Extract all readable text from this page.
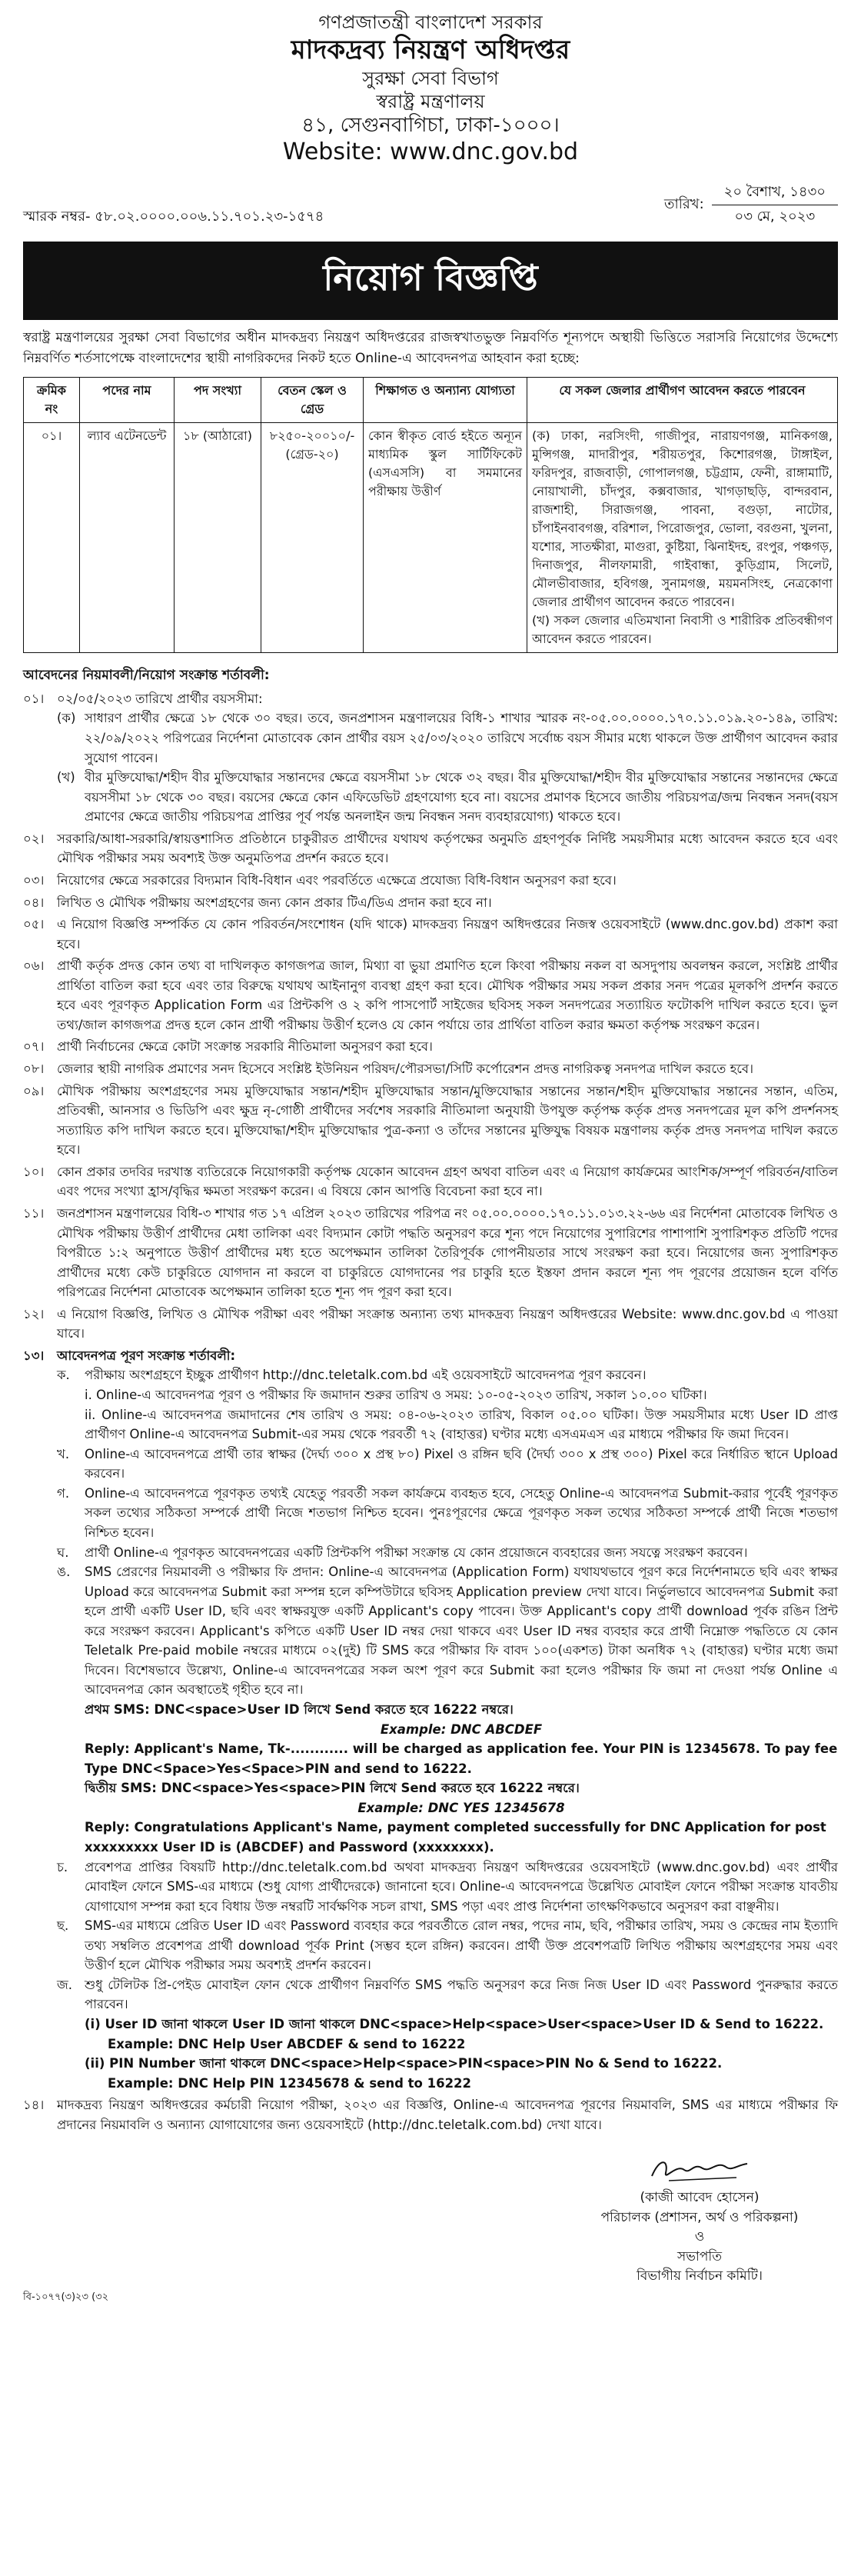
গণপ্রজাতন্ত্রী বাংলাদেশ সরকার
মাদকদ্রব্য নিয়ন্ত্রণ অধিদপ্তর
সুরক্ষা সেবা বিভাগ
স্বরাষ্ট্র মন্ত্রণালয়
৪১, সেগুনবাগিচা, ঢাকা-১০০০।
Website: www.dnc.gov.bd
স্মারক নম্বর- ৫৮.০২.০০০০.০০৬.১১.৭০১.২৩-১৫৭৪
তারিখ:
২০ বৈশাখ, ১৪৩০
০৩ মে, ২০২৩
নিয়োগ বিজ্ঞপ্তি
স্বরাষ্ট্র মন্ত্রণালয়ের সুরক্ষা সেবা বিভাগের অধীন মাদকদ্রব্য নিয়ন্ত্রণ অধিদপ্তরের রাজস্বখাতভুক্ত নিম্নবর্ণিত শূন্যপদে অস্থায়ী ভিত্তিতে সরাসরি নিয়োগের উদ্দেশ্যে নিম্নবর্ণিত শর্তসাপেক্ষে বাংলাদেশের স্থায়ী নাগরিকদের নিকট হতে Online-এ আবেদনপত্র আহবান করা হচ্ছে:
ক্রমিক নং	পদের নাম	পদ সংখ্যা	বেতন স্কেল ও গ্রেড	শিক্ষাগত ও অন্যান্য যোগ্যতা	যে সকল জেলার প্রার্থীগণ আবেদন করতে পারবেন
০১।	ল্যাব এটেনডেন্ট	১৮ (আঠারো)	৮২৫০-২০০১০/- (গ্রেড-২০)	কোন স্বীকৃত বোর্ড হইতে অন্যূন মাধ্যমিক স্কুল সার্টিফিকেট (এসএসসি) বা সমমানের পরীক্ষায় উত্তীর্ণ	(ক) ঢাকা, নরসিংদী, গাজীপুর, নারায়ণগঞ্জ, মানিকগঞ্জ, মুন্সিগঞ্জ, মাদারীপুর, শরীয়তপুর, কিশোরগঞ্জ, টাঙ্গাইল, ফরিদপুর, রাজবাড়ী, গোপালগঞ্জ, চট্টগ্রাম, ফেনী, রাঙ্গামাটি, নোয়াখালী, চাঁদপুর, কক্সবাজার, খাগড়াছড়ি, বান্দরবান, রাজশাহী, সিরাজগঞ্জ, পাবনা, বগুড়া, নাটোর, চাঁপাইনবাবগঞ্জ, বরিশাল, পিরোজপুর, ভোলা, বরগুনা, খুলনা, যশোর, সাতক্ষীরা, মাগুরা, কুষ্টিয়া, ঝিনাইদহ, রংপুর, পঞ্চগড়, দিনাজপুর, নীলফামারী, গাইবান্ধা, কুড়িগ্রাম, সিলেট, মৌলভীবাজার, হবিগঞ্জ, সুনামগঞ্জ, ময়মনসিংহ, নেত্রকোণা জেলার প্রার্থীগণ আবেদন করতে পারবেন।
(খ) সকল জেলার এতিমখানা নিবাসী ও শারীরিক প্রতিবন্ধীগণ আবেদন করতে পারবেন।
আবেদনের নিয়মাবলী/নিয়োগ সংক্রান্ত শর্তাবলী:
০১।	০২/০৫/২০২৩ তারিখে প্রার্থীর বয়সসীমা:
(ক) সাধারণ প্রার্থীর ক্ষেত্রে ১৮ থেকে ৩০ বছর। তবে, জনপ্রশাসন মন্ত্রণালয়ের বিধি-১ শাখার স্মারক নং-০৫.০০.০০০০.১৭০.১১.০১৯.২০-১৪৯, তারিখ: ২২/০৯/২০২২ পরিপত্রের নির্দেশনা মোতাবেক কোন প্রার্থীর বয়স ২৫/০৩/২০২০ তারিখে সর্বোচ্চ বয়স সীমার মধ্যে থাকলে উক্ত প্রার্থীগণ আবেদন করার সুযোগ পাবেন।
(খ) বীর মুক্তিযোদ্ধা/শহীদ বীর মুক্তিযোদ্ধার সন্তানদের ক্ষেত্রে বয়সসীমা ১৮ থেকে ৩২ বছর। বীর মুক্তিযোদ্ধা/শহীদ বীর মুক্তিযোদ্ধার সন্তানের সন্তানদের ক্ষেত্রে বয়সসীমা ১৮ থেকে ৩০ বছর। বয়সের ক্ষেত্রে কোন এফিডেভিট গ্রহণযোগ্য হবে না। বয়সের প্রমাণক হিসেবে জাতীয় পরিচয়পত্র/জন্ম নিবন্ধন সনদ(বয়স প্রমাণের ক্ষেত্রে জাতীয় পরিচয়পত্র প্রাপ্তির পূর্ব পর্যন্ত অনলাইন জন্ম নিবন্ধন সনদ ব্যবহারযোগ্য) থাকতে হবে।
০২।	সরকারি/আধা-সরকারি/স্বায়ত্তশাসিত প্রতিষ্ঠানে চাকুরীরত প্রার্থীদের যথাযথ কর্তৃপক্ষের অনুমতি গ্রহণপূর্বক নির্দিষ্ট সময়সীমার মধ্যে আবেদন করতে হবে এবং মৌখিক পরীক্ষার সময় অবশ্যই উক্ত অনুমতিপত্র প্রদর্শন করতে হবে।
০৩।	নিয়োগের ক্ষেত্রে সরকারের বিদ্যমান বিধি-বিধান এবং পরবর্তিতে এক্ষেত্রে প্রযোজ্য বিধি-বিধান অনুসরণ করা হবে।
০৪।	লিখিত ও মৌখিক পরীক্ষায় অংশগ্রহণের জন্য কোন প্রকার টিএ/ডিএ প্রদান করা হবে না।
০৫।	এ নিয়োগ বিজ্ঞপ্তি সম্পর্কিত যে কোন পরিবর্তন/সংশোধন (যদি থাকে) মাদকদ্রব্য নিয়ন্ত্রণ অধিদপ্তরের নিজস্ব ওয়েবসাইটে (www.dnc.gov.bd) প্রকাশ করা হবে।
০৬।	প্রার্থী কর্তৃক প্রদত্ত কোন তথ্য বা দাখিলকৃত কাগজপত্র জাল, মিথ্যা বা ভুয়া প্রমাণিত হলে কিংবা পরীক্ষায় নকল বা অসদুপায় অবলম্বন করলে, সংশ্লিষ্ট প্রার্থীর প্রার্থিতা বাতিল করা হবে এবং তার বিরুদ্ধে যথাযথ আইনানুগ ব্যবস্থা গ্রহণ করা হবে। মৌখিক পরীক্ষার সময় সকল প্রকার সনদ পত্রের মূলকপি প্রদর্শন করতে হবে এবং পূরণকৃত Application Form এর প্রিন্টকপি ও ২ কপি পাসপোর্ট সাইজের ছবিসহ সকল সনদপত্রের সত্যায়িত ফটোকপি দাখিল করতে হবে। ভুল তথ্য/জাল কাগজপত্র প্রদত্ত হলে কোন প্রার্থী পরীক্ষায় উত্তীর্ণ হলেও যে কোন পর্যায়ে তার প্রার্থিতা বাতিল করার ক্ষমতা কর্তৃপক্ষ সংরক্ষণ করেন।
০৭।	প্রার্থী নির্বাচনের ক্ষেত্রে কোটা সংক্রান্ত সরকারি নীতিমালা অনুসরণ করা হবে।
০৮।	জেলার স্থায়ী নাগরিক প্রমাণের সনদ হিসেবে সংশ্লিষ্ট ইউনিয়ন পরিষদ/পৌরসভা/সিটি কর্পোরেশন প্রদত্ত নাগরিকত্ব সনদপত্র দাখিল করতে হবে।
০৯।	মৌখিক পরীক্ষায় অংশগ্রহণের সময় মুক্তিযোদ্ধার সন্তান/শহীদ মুক্তিযোদ্ধার সন্তান/মুক্তিযোদ্ধার সন্তানের সন্তান/শহীদ মুক্তিযোদ্ধার সন্তানের সন্তান, এতিম, প্রতিবন্ধী, আনসার ও ভিডিপি এবং ক্ষুদ্র নৃ-গোষ্ঠী প্রার্থীদের সর্বশেষ সরকারি নীতিমালা অনুযায়ী উপযুক্ত কর্তৃপক্ষ কর্তৃক প্রদত্ত সনদপত্রের মূল কপি প্রদর্শনসহ সত্যায়িত কপি দাখিল করতে হবে। মুক্তিযোদ্ধা/শহীদ মুক্তিযোদ্ধার পুত্র-কন্যা ও তাঁদের সন্তানের মুক্তিযুদ্ধ বিষয়ক মন্ত্রণালয় কর্তৃক প্রদত্ত সনদপত্র দাখিল করতে হবে।
১০।	কোন প্রকার তদবির দরখাস্ত ব্যতিরেকে নিয়োগকারী কর্তৃপক্ষ যেকোন আবেদন গ্রহণ অথবা বাতিল এবং এ নিয়োগ কার্যক্রমের আংশিক/সম্পূর্ণ পরিবর্তন/বাতিল এবং পদের সংখ্যা হ্রাস/বৃদ্ধির ক্ষমতা সংরক্ষণ করেন। এ বিষয়ে কোন আপত্তি বিবেচনা করা হবে না।
১১।	জনপ্রশাসন মন্ত্রণালয়ের বিধি-৩ শাখার গত ১৭ এপ্রিল ২০২৩ তারিখের পরিপত্র নং ০৫.০০.০০০০.১৭০.১১.০১৩.২২-৬৬ এর নির্দেশনা মোতাবেক লিখিত ও মৌখিক পরীক্ষায় উত্তীর্ণ প্রার্থীদের মেধা তালিকা এবং বিদ্যমান কোটা পদ্ধতি অনুসরণ করে শূন্য পদে নিয়োগের সুপারিশের পাশাপাশি সুপারিশকৃত প্রতিটি পদের বিপরীতে ১:২ অনুপাতে উত্তীর্ণ প্রার্থীদের মধ্য হতে অপেক্ষমান তালিকা তৈরিপূর্বক গোপনীয়তার সাথে সংরক্ষণ করা হবে। নিয়োগের জন্য সুপারিশকৃত প্রার্থীদের মধ্যে কেউ চাকুরিতে যোগদান না করলে বা চাকুরিতে যোগদানের পর চাকুরি হতে ইস্তফা প্রদান করলে শূন্য পদ পূরণের প্রয়োজন হলে বর্ণিত পরিপত্রের নির্দেশনা মোতাবেক অপেক্ষমান তালিকা হতে শূন্য পদ পূরণ করা হবে।
১২।	এ নিয়োগ বিজ্ঞপ্তি, লিখিত ও মৌখিক পরীক্ষা এবং পরীক্ষা সংক্রান্ত অন্যান্য তথ্য মাদকদ্রব্য নিয়ন্ত্রণ অধিদপ্তরের Website: www.dnc.gov.bd এ পাওয়া যাবে।
১৩।	আবেদনপত্র পূরণ সংক্রান্ত শর্তাবলী:
ক.	পরীক্ষায় অংশগ্রহণে ইচ্ছুক প্রার্থীগণ http://dnc.teletalk.com.bd এই ওয়েবসাইটে আবেদনপত্র পূরণ করবেন।
i. Online-এ আবেদনপত্র পূরণ ও পরীক্ষার ফি জমাদান শুরুর তারিখ ও সময়: ১০-০৫-২০২৩ তারিখ, সকাল ১০.০০ ঘটিকা।
ii. Online-এ আবেদনপত্র জমাদানের শেষ তারিখ ও সময়: ০৪-০৬-২০২৩ তারিখ, বিকাল ০৫.০০ ঘটিকা। উক্ত সময়সীমার মধ্যে User ID প্রাপ্ত প্রার্থীগণ Online-এ আবেদনপত্র Submit-এর সময় থেকে পরবর্তী ৭২ (বাহাত্তর) ঘণ্টার মধ্যে এসএমএস এর মাধ্যমে পরীক্ষার ফি জমা দিবেন।
খ.	Online-এ আবেদনপত্রে প্রার্থী তার স্বাক্ষর (দৈর্ঘ্য ৩০০ x প্রস্থ ৮০) Pixel ও রঙ্গিন ছবি (দৈর্ঘ্য ৩০০ x প্রস্থ ৩০০) Pixel করে নির্ধারিত স্থানে Upload করবেন।
গ.	Online-এ আবেদনপত্রে পূরণকৃত তথ্যই যেহেতু পরবর্তী সকল কার্যক্রমে ব্যবহৃত হবে, সেহেতু Online-এ আবেদনপত্র Submit-করার পূর্বেই পূরণকৃত সকল তথ্যের সঠিকতা সম্পর্কে প্রার্থী নিজে শতভাগ নিশ্চিত হবেন। পুনঃপূরণের ক্ষেত্রে পূরণকৃত সকল তথ্যের সঠিকতা সম্পর্কে প্রার্থী নিজে শতভাগ নিশ্চিত হবেন।
ঘ.	প্রার্থী Online-এ পূরণকৃত আবেদনপত্রের একটি প্রিন্টকপি পরীক্ষা সংক্রান্ত যে কোন প্রয়োজনে ব্যবহারের জন্য সযত্নে সংরক্ষণ করবেন।
ঙ.	SMS প্রেরণের নিয়মাবলী ও পরীক্ষার ফি প্রদান: Online-এ আবেদনপত্র (Application Form) যথাযথভাবে পূরণ করে নির্দেশনামতে ছবি এবং স্বাক্ষর Upload করে আবেদনপত্র Submit করা সম্পন্ন হলে কম্পিউটারে ছবিসহ Application preview দেখা যাবে। নির্ভুলভাবে আবেদনপত্র Submit করা হলে প্রার্থী একটি User ID, ছবি এবং স্বাক্ষরযুক্ত একটি Applicant's copy পাবেন। উক্ত Applicant's copy প্রার্থী download পূর্বক রঙিন প্রিন্ট করে সংরক্ষণ করবেন। Applicant's কপিতে একটি User ID নম্বর দেয়া থাকবে এবং User ID নম্বর ব্যবহার করে প্রার্থী নিম্নোক্ত পদ্ধতিতে যে কোন Teletalk Pre-paid mobile নম্বরের মাধ্যমে ০২(দুই) টি SMS করে পরীক্ষার ফি বাবদ ১০০(একশত) টাকা অনধিক ৭২ (বাহাত্তর) ঘণ্টার মধ্যে জমা দিবেন। বিশেষভাবে উল্লেখ্য, Online-এ আবেদনপত্রের সকল অংশ পূরণ করে Submit করা হলেও পরীক্ষার ফি জমা না দেওয়া পর্যন্ত Online এ আবেদনপত্র কোন অবস্থাতেই গৃহীত হবে না।
প্রথম SMS: DNC<space>User ID লিখে Send করতে হবে 16222 নম্বরে।
Example: DNC ABCDEF
Reply: Applicant's Name, Tk-............ will be charged as application fee. Your PIN is 12345678. To pay fee Type DNC<Space>Yes<Space>PIN and send to 16222.
দ্বিতীয় SMS: DNC<space>Yes<space>PIN লিখে Send করতে হবে 16222 নম্বরে।
Example: DNC YES 12345678
Reply: Congratulations Applicant's Name, payment completed successfully for DNC Application for post xxxxxxxxx User ID is (ABCDEF) and Password (xxxxxxxx).
চ.	প্রবেশপত্র প্রাপ্তির বিষয়টি http://dnc.teletalk.com.bd অথবা মাদকদ্রব্য নিয়ন্ত্রণ অধিদপ্তরের ওয়েবসাইটে (www.dnc.gov.bd) এবং প্রার্থীর মোবাইল ফোনে SMS-এর মাধ্যমে (শুধু যোগ্য প্রার্থীদেরকে) জানানো হবে। Online-এ আবেদনপত্রে উল্লেখিত মোবাইল ফোনে পরীক্ষা সংক্রান্ত যাবতীয় যোগাযোগ সম্পন্ন করা হবে বিধায় উক্ত নম্বরটি সার্বক্ষণিক সচল রাখা, SMS পড়া এবং প্রাপ্ত নির্দেশনা তাৎক্ষণিকভাবে অনুসরণ করা বাঞ্ছনীয়।
ছ.	SMS-এর মাধ্যমে প্রেরিত User ID এবং Password ব্যবহার করে পরবর্তীতে রোল নম্বর, পদের নাম, ছবি, পরীক্ষার তারিখ, সময় ও কেন্দ্রের নাম ইত্যাদি তথ্য সম্বলিত প্রবেশপত্র প্রার্থী download পূর্বক Print (সম্ভব হলে রঙ্গিন) করবেন। প্রার্থী উক্ত প্রবেশপত্রটি লিখিত পরীক্ষায় অংশগ্রহণের সময় এবং উত্তীর্ণ হলে মৌখিক পরীক্ষার সময় অবশ্যই প্রদর্শন করবেন।
জ. শুধু টেলিটক প্রি-পেইড মোবাইল ফোন থেকে প্রার্থীগণ নিম্নবর্ণিত SMS পদ্ধতি অনুসরণ করে নিজ নিজ User ID এবং Password পুনরুদ্ধার করতে পারবেন।
(i) User ID জানা থাকলে User ID জানা থাকলে DNC<space>Help<space>User<space>User ID & Send to 16222.
Example: DNC Help User ABCDEF & send to 16222
(ii) PIN Number জানা থাকলে DNC<space>Help<space>PIN<space>PIN No & Send to 16222.
Example: DNC Help PIN 12345678 & send to 16222
১৪।	মাদকদ্রব্য নিয়ন্ত্রণ অধিদপ্তরের কর্মচারী নিয়োগ পরীক্ষা, ২০২৩ এর বিজ্ঞপ্তি, Online-এ আবেদনপত্র পূরণের নিয়মাবলি, SMS এর মাধ্যমে পরীক্ষার ফি প্রদানের নিয়মাবলি ও অন্যান্য যোগাযোগের জন্য ওয়েবসাইটে (http://dnc.teletalk.com.bd) দেখা যাবে।
(কাজী আবেদ হোসেন)
পরিচালক (প্রশাসন, অর্থ ও পরিকল্পনা)
ও
সভাপতি
বিভাগীয় নির্বাচন কমিটি।
বি-১০৭৭(৩)২৩ (৩২
